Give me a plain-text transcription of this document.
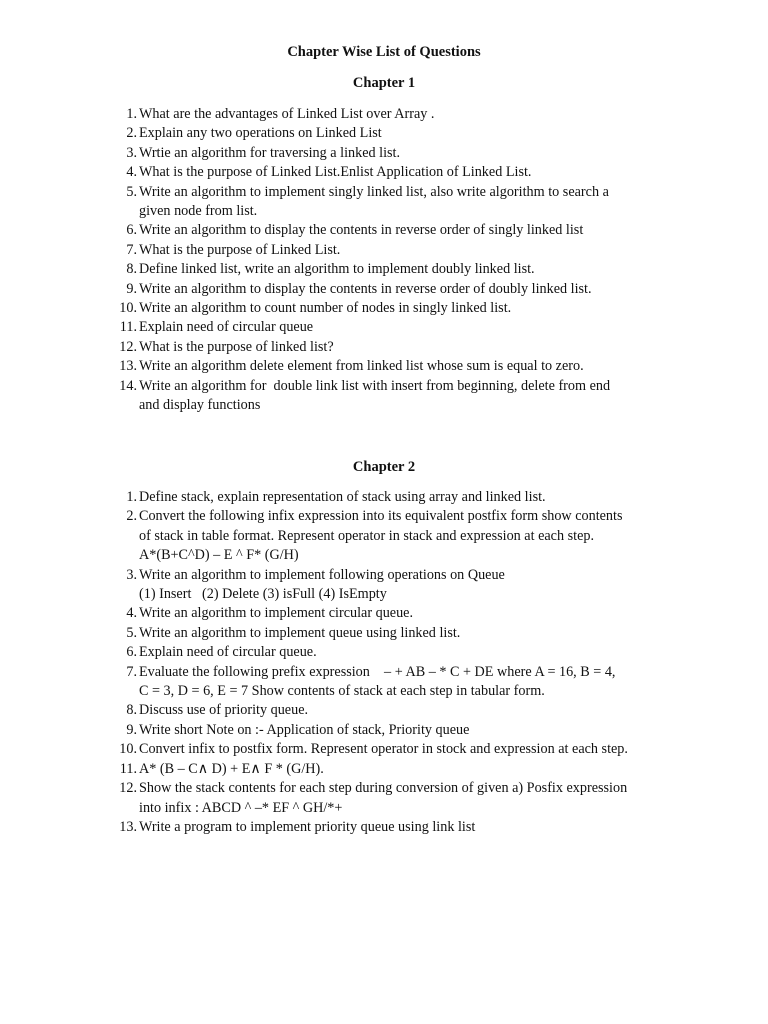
Chapter Wise List of Questions
Chapter 1
1. What are the advantages of Linked List over Array .
2. Explain any two operations on Linked List
3. Wrtie an algorithm for traversing a linked list.
4. What is the purpose of Linked List.Enlist Application of Linked List.
5. Write an algorithm to implement singly linked list, also write algorithm to search a
given node from list.
6. Write an algorithm to display the contents in reverse order of singly linked list
7. What is the purpose of Linked List.
8. Define linked list, write an algorithm to implement doubly linked list.
9. Write an algorithm to display the contents in reverse order of doubly linked list.
10. Write an algorithm to count number of nodes in singly linked list.
11. Explain need of circular queue
12. What is the purpose of linked list?
13. Write an algorithm delete element from linked list whose sum is equal to zero.
14. Write an algorithm for  double link list with insert from beginning, delete from end
and display functions
Chapter 2
1. Define stack, explain representation of stack using array and linked list.
2. Convert the following infix expression into its equivalent postfix form show contents
of stack in table format. Represent operator in stack and expression at each step.
A*(B+C^D) – E ^ F* (G/H)
3. Write an algorithm to implement following operations on Queue
(1) Insert   (2) Delete (3) isFull (4) IsEmpty
4. Write an algorithm to implement circular queue.
5. Write an algorithm to implement queue using linked list.
6. Explain need of circular queue.
7. Evaluate the following prefix expression    – + AB – * C + DE where A = 16, B = 4,
C = 3, D = 6, E = 7 Show contents of stack at each step in tabular form.
8. Discuss use of priority queue.
9. Write short Note on :- Application of stack, Priority queue
10. Convert infix to postfix form. Represent operator in stock and expression at each step.
11. A* (B – C∧ D) + E∧ F * (G/H).
12. Show the stack contents for each step during conversion of given a) Posfix expression
into infix : ABCD ^ –* EF ^ GH/*+
13. Write a program to implement priority queue using link list
